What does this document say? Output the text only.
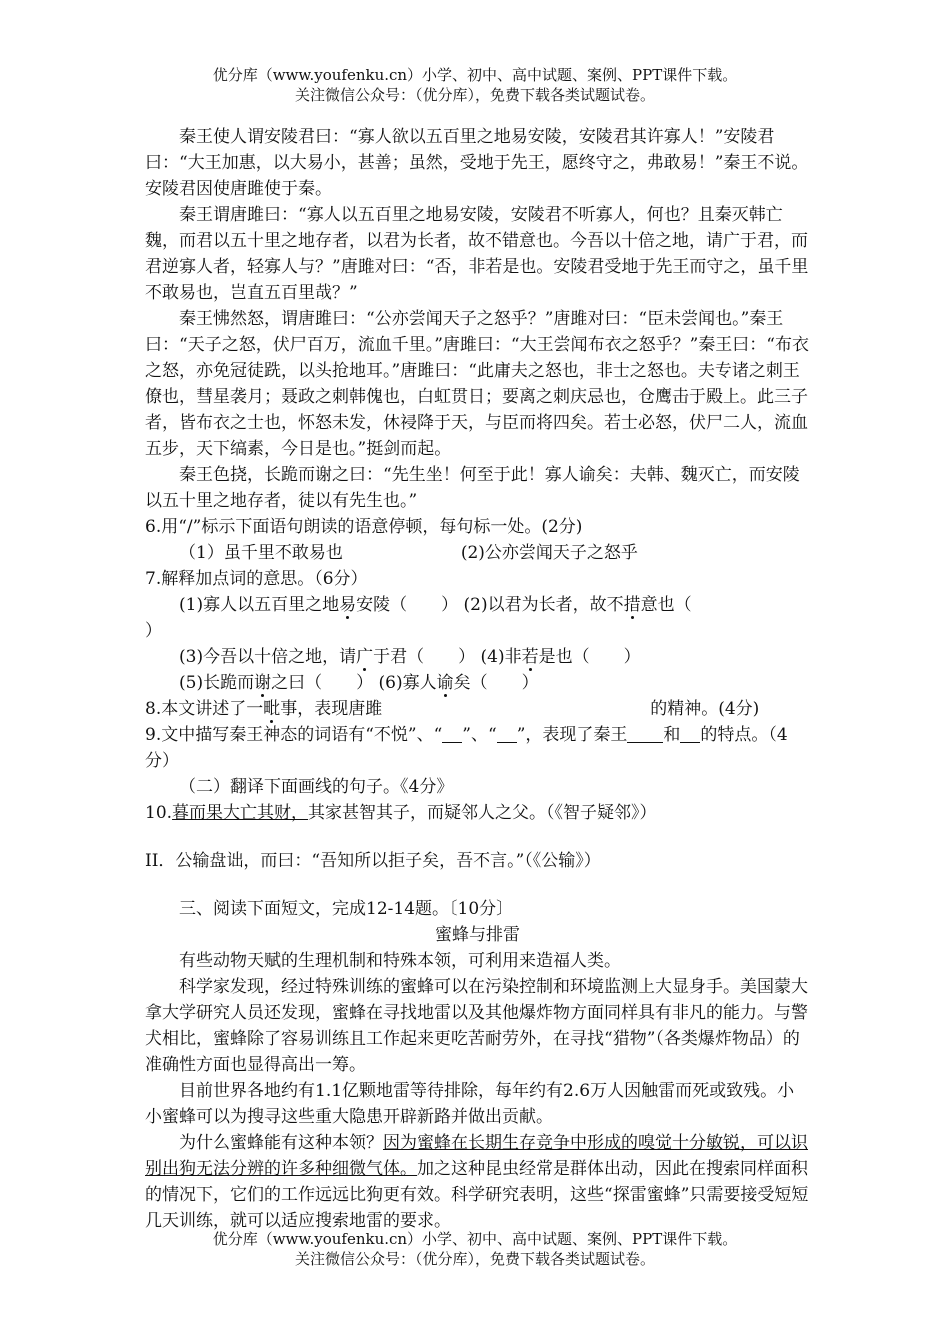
优分库（www.youfenku.cn）小学、初中、高中试题、案例、PPT课件下载。
关注微信公众号：（优分库），免费下载各类试题试卷。

秦王使人谓安陵君曰：“寡人欲以五百里之地易安陵，安陵君其许寡人！”安陵君曰：“大王加惠，以大易小，甚善；虽然，受地于先王，愿终守之，弗敢易！”秦王不说。安陵君因使唐雎使于秦。

秦王谓唐雎曰：“寡人以五百里之地易安陵，安陵君不听寡人，何也？且秦灭韩亡魏，而君以五十里之地存者，以君为长者，故不错意也。今吾以十倍之地，请广于君，而君逆寡人者，轻寡人与？”唐雎对曰：“否，非若是也。安陵君受地于先王而守之，虽千里不敢易也，岂直五百里哉？”

秦王怫然怒，谓唐雎曰：“公亦尝闻天子之怒乎？”唐雎对曰：“臣未尝闻也。”秦王曰：“天子之怒，伏尸百万，流血千里。”唐雎曰：“大王尝闻布衣之怒乎？”秦王曰：“布衣之怒，亦免冠徒跣，以头抢地耳。”唐雎曰：“此庸夫之怒也，非士之怒也。夫专诸之刺王僚也，彗星袭月；聂政之刺韩傀也，白虹贯日；要离之刺庆忌也，仓鹰击于殿上。此三子者，皆布衣之士也，怀怒未发，休祲降于天，与臣而将四矣。若士必怒，伏尸二人，流血五步，天下缟素，今日是也。”挺剑而起。

秦王色挠，长跪而谢之曰：“先生坐！何至于此！寡人谕矣：夫韩、魏灭亡，而安陵以五十里之地存者，徒以有先生也。”

6.用“/”标示下面语句朗读的语意停顿，每句标一处。(2分)

（1）虽千里不敢易也	(2)公亦尝闻天子之怒乎

7.解释加点词的意思。（6分）

(1)寡人以五百里之地易安陵（　　） (2)以君为长者，故不措意也（

）

(3)今吾以十倍之地，请广于君（　　） (4)非若是也（　　）

(5)长跪而谢之曰（　　） (6)寡人谕矣（　　）

8.本文讲述了一毗事，表现唐雎	的精神。(4分)

9.文中描写秦王神态的词语有“不悦”、“ ”、“ ”，表现了秦王 和 的特点。（4分）

（二）翻译下面画线的句子。《4分》

10.暮而果大亡其财，其家甚智其子，而疑邻人之父。（《智子疑邻》）

II．公输盘诎，而曰：“吾知所以拒子矣，吾不言。”（《公输》）

三、阅读下面短文，完成12-14题。〔10分〕

蜜蜂与排雷

有些动物天赋的生理机制和特殊本领，可利用来造福人类。

科学家发现，经过特殊训练的蜜蜂可以在污染控制和环境监测上大显身手。美国蒙大拿大学研究人员还发现，蜜蜂在寻找地雷以及其他爆炸物方面同样具有非凡的能力。与警犬相比，蜜蜂除了容易训练且工作起来更吃苦耐劳外，在寻找“猎物”（各类爆炸物品）的准确性方面也显得高出一筹。

目前世界各地约有1.1亿颗地雷等待排除，每年约有2.6万人因触雷而死或致残。小小蜜蜂可以为搜寻这些重大隐患开辟新路并做出贡献。

为什么蜜蜂能有这种本领？因为蜜蜂在长期生存竞争中形成的嗅觉十分敏锐，可以识别出狗无法分辨的许多种细微气体。加之这种昆虫经常是群体出动，因此在搜索同样面积的情况下，它们的工作远远比狗更有效。科学研究表明，这些“探雷蜜蜂”只需要接受短短几天训练，就可以适应搜索地雷的要求。

优分库（www.youfenku.cn）小学、初中、高中试题、案例、PPT课件下载。
关注微信公众号：（优分库），免费下载各类试题试卷。
